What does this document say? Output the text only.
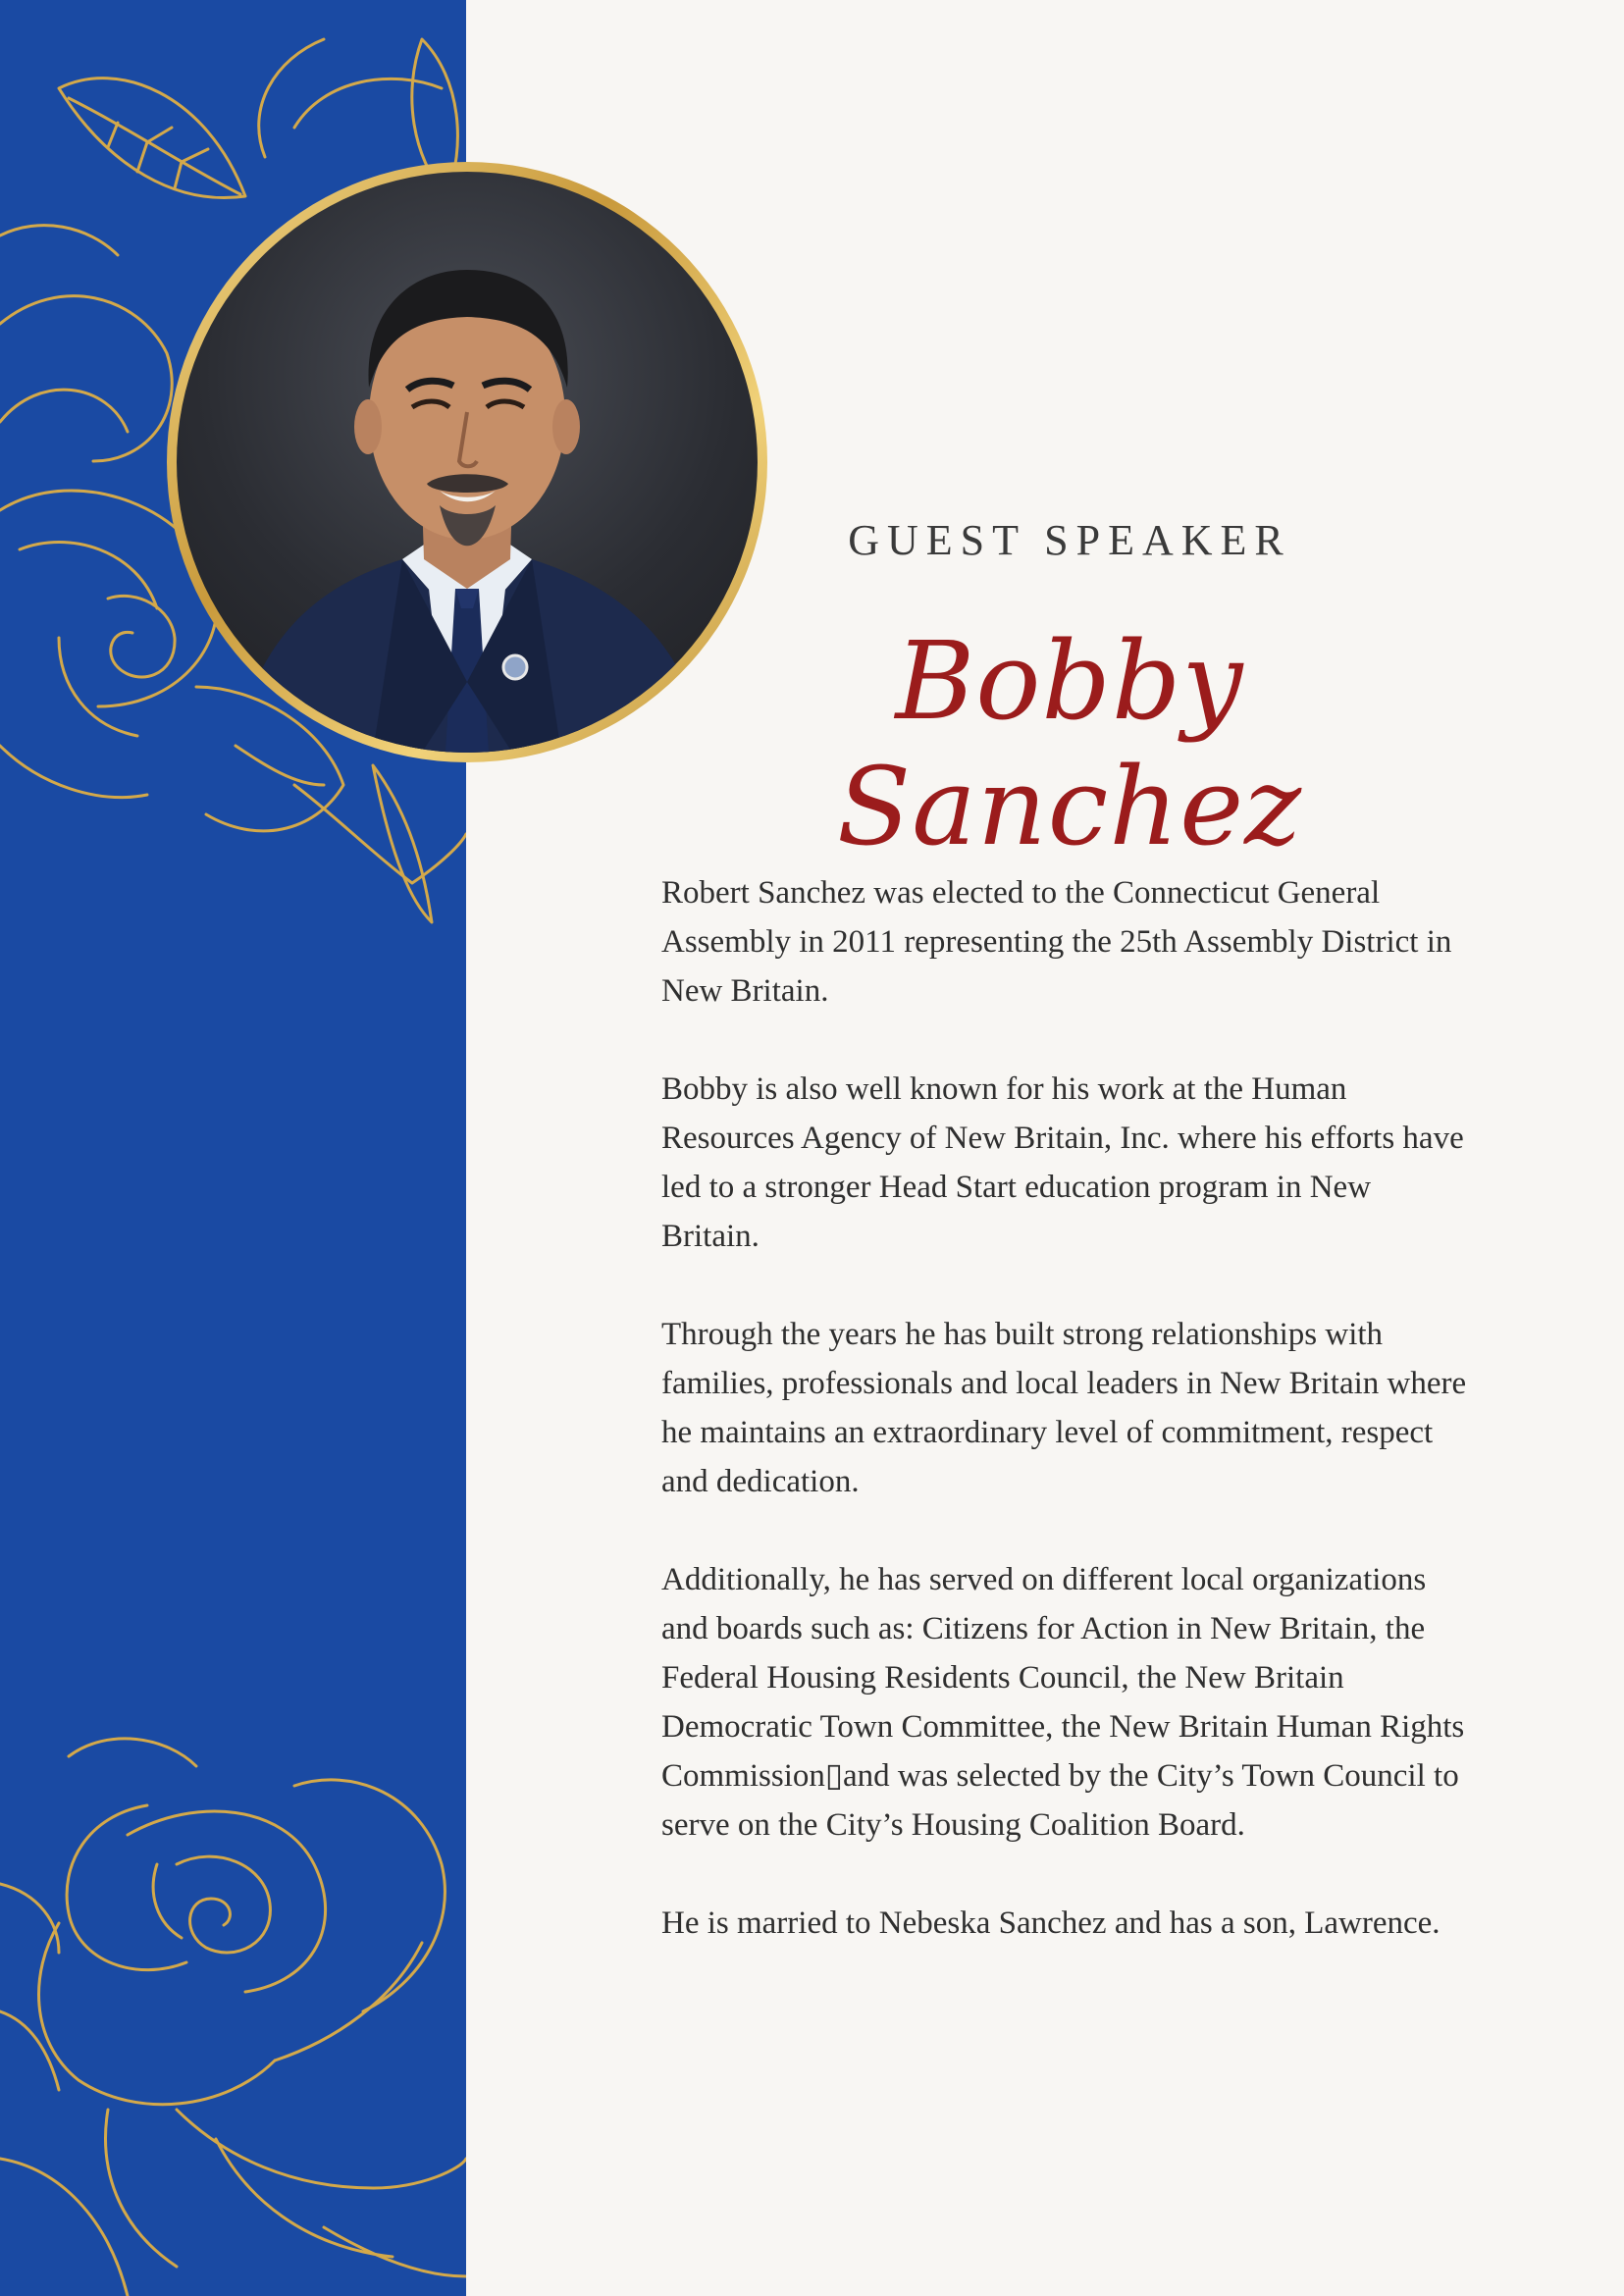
GUEST SPEAKER
Bobby Sanchez

Robert Sanchez was elected to the Connecticut General Assembly in 2011 representing the 25th Assembly District in New Britain.

Bobby is also well known for his work at the Human Resources Agency of New Britain, Inc. where his efforts have led to a stronger Head Start education program in New Britain.

Through the years he has built strong relationships with families, professionals and local leaders in New Britain where he maintains an extraordinary level of commitment, respect and dedication.

Additionally, he has served on different local organizations and boards such as: Citizens for Action in New Britain, the Federal Housing Residents Council, the New Britain Democratic Town Committee, the New Britain Human Rights Commission▯and was selected by the City’s Town Council to serve on the City’s Housing Coalition Board.

He is married to Nebeska Sanchez and has a son, Lawrence.
